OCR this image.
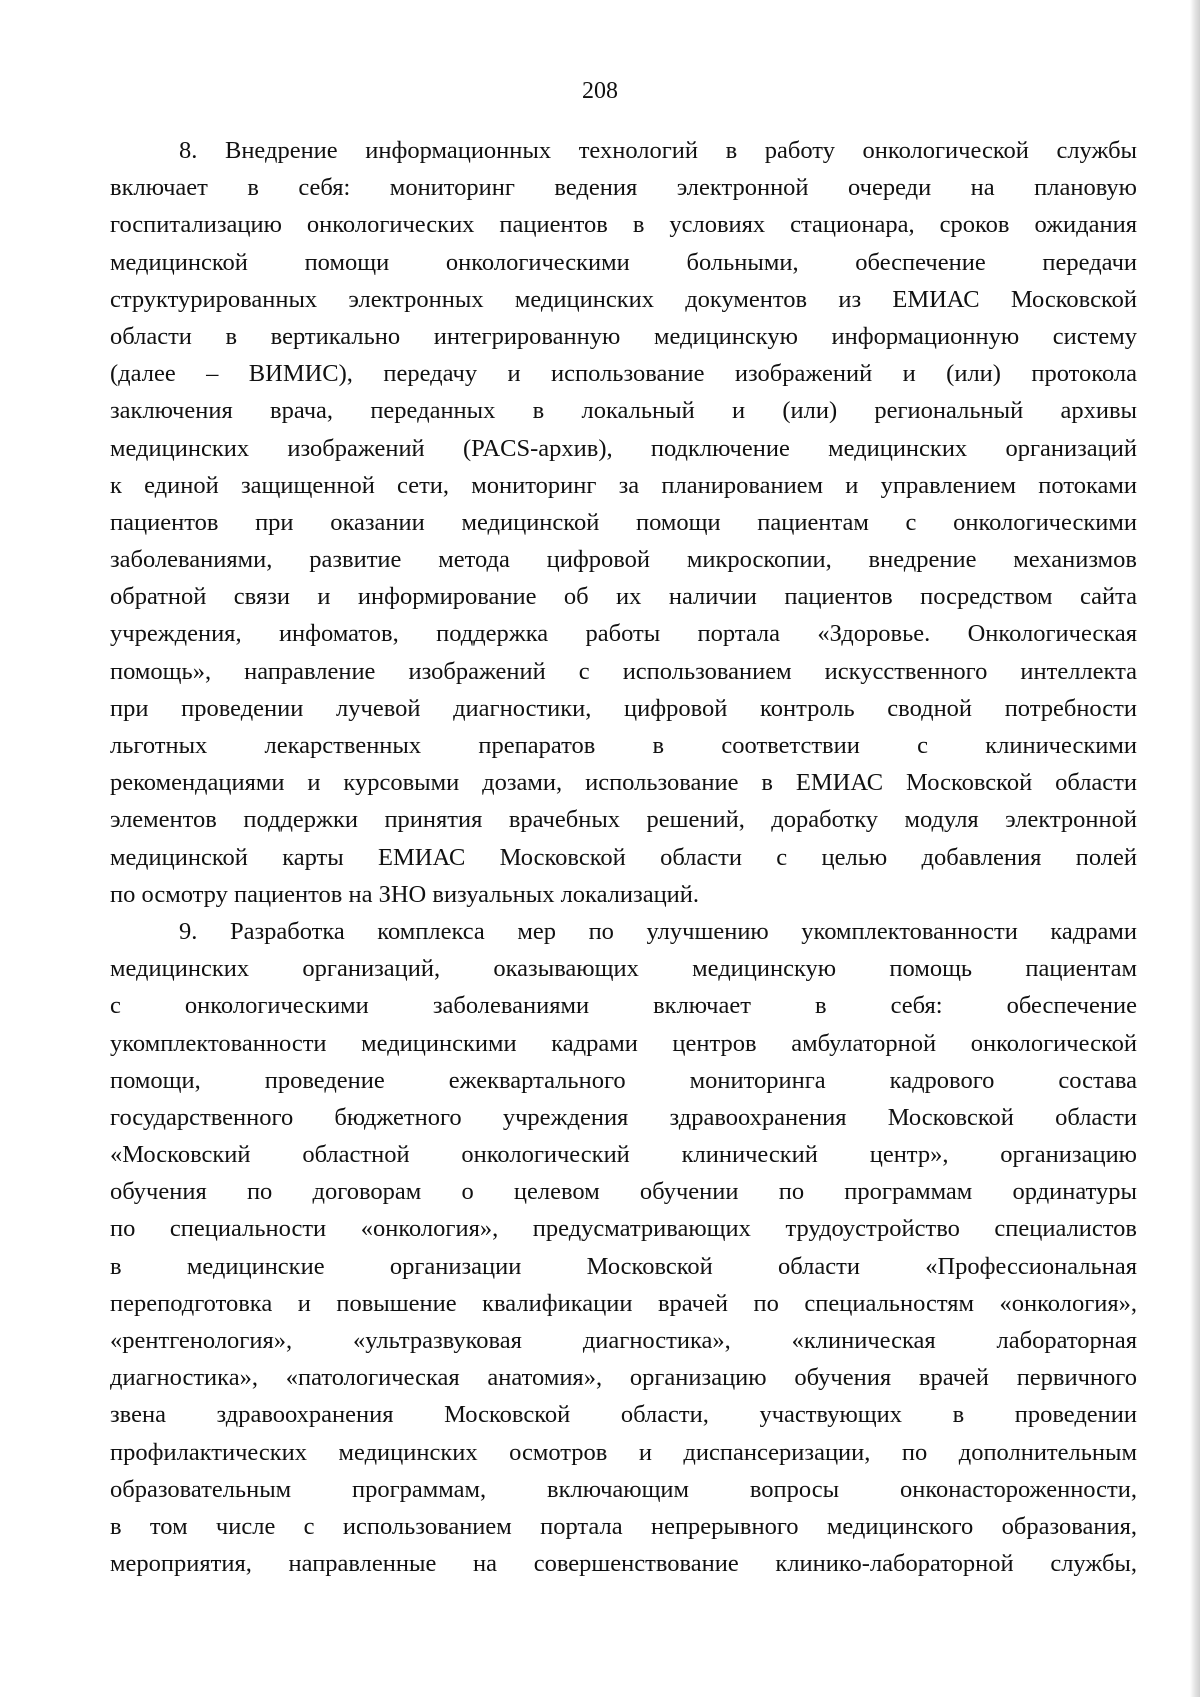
208

8. Внедрение информационных технологий в работу онкологической службы
включает в себя: мониторинг ведения электронной очереди на плановую
госпитализацию онкологических пациентов в условиях стационара, сроков ожидания
медицинской помощи онкологическими больными, обеспечение передачи
структурированных электронных медицинских документов из ЕМИАС Московской
области в вертикально интегрированную медицинскую информационную систему
(далее – ВИМИС), передачу и использование изображений и (или) протокола
заключения врача, переданных в локальный и (или) региональный архивы
медицинских изображений (PACS-архив), подключение медицинских организаций
к единой защищенной сети, мониторинг за планированием и управлением потоками
пациентов при оказании медицинской помощи пациентам с онкологическими
заболеваниями, развитие метода цифровой микроскопии, внедрение механизмов
обратной связи и информирование об их наличии пациентов посредством сайта
учреждения, инфоматов, поддержка работы портала «Здоровье. Онкологическая
помощь», направление изображений с использованием искусственного интеллекта
при проведении лучевой диагностики, цифровой контроль сводной потребности
льготных лекарственных препаратов в соответствии с клиническими
рекомендациями и курсовыми дозами, использование в ЕМИАС Московской области
элементов поддержки принятия врачебных решений, доработку модуля электронной
медицинской карты ЕМИАС Московской области с целью добавления полей
по осмотру пациентов на ЗНО визуальных локализаций.

9. Разработка комплекса мер по улучшению укомплектованности кадрами
медицинских организаций, оказывающих медицинскую помощь пациентам
с онкологическими заболеваниями включает в себя: обеспечение
укомплектованности медицинскими кадрами центров амбулаторной онкологической
помощи, проведение ежеквартального мониторинга кадрового состава
государственного бюджетного учреждения здравоохранения Московской области
«Московский областной онкологический клинический центр», организацию
обучения по договорам о целевом обучении по программам ординатуры
по специальности «онкология», предусматривающих трудоустройство специалистов
в медицинские организации Московской области «Профессиональная
переподготовка и повышение квалификации врачей по специальностям «онкология»,
«рентгенология», «ультразвуковая диагностика», «клиническая лабораторная
диагностика», «патологическая анатомия», организацию обучения врачей первичного
звена здравоохранения Московской области, участвующих в проведении
профилактических медицинских осмотров и диспансеризации, по дополнительным
образовательным программам, включающим вопросы онконастороженности,
в том числе с использованием портала непрерывного медицинского образования,
мероприятия, направленные на совершенствование клинико-лабораторной службы,
